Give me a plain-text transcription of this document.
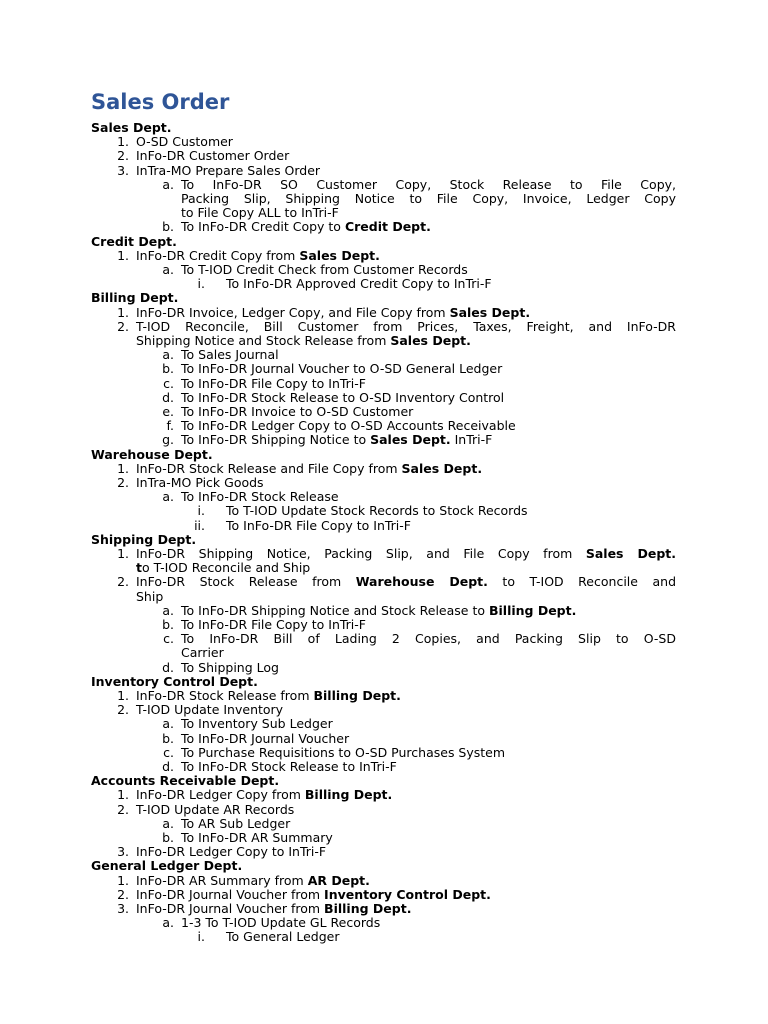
Sales Order
Sales Dept.
1. O-SD Customer
2. InFo-DR Customer Order
3. InTra-MO Prepare Sales Order
a. To InFo-DR SO Customer Copy, Stock Release to File Copy,
Packing Slip, Shipping Notice to File Copy, Invoice, Ledger Copy
to File Copy ALL to InTri-F
b. To InFo-DR Credit Copy to Credit Dept.
Credit Dept.
1. InFo-DR Credit Copy from Sales Dept.
a. To T-IOD Credit Check from Customer Records
i. To InFo-DR Approved Credit Copy to InTri-F
Billing Dept.
1. InFo-DR Invoice, Ledger Copy, and File Copy from Sales Dept.
2. T-IOD Reconcile, Bill Customer from Prices, Taxes, Freight, and InFo-DR
Shipping Notice and Stock Release from Sales Dept.
a. To Sales Journal
b. To InFo-DR Journal Voucher to O-SD General Ledger
c. To InFo-DR File Copy to InTri-F
d. To InFo-DR Stock Release to O-SD Inventory Control
e. To InFo-DR Invoice to O-SD Customer
f. To InFo-DR Ledger Copy to O-SD Accounts Receivable
g. To InFo-DR Shipping Notice to Sales Dept. InTri-F
Warehouse Dept.
1. InFo-DR Stock Release and File Copy from Sales Dept.
2. InTra-MO Pick Goods
a. To InFo-DR Stock Release
i. To T-IOD Update Stock Records to Stock Records
ii. To InFo-DR File Copy to InTri-F
Shipping Dept.
1. InFo-DR Shipping Notice, Packing Slip, and File Copy from Sales Dept.
to T-IOD Reconcile and Ship
2. InFo-DR Stock Release from Warehouse Dept. to T-IOD Reconcile and
Ship
a. To InFo-DR Shipping Notice and Stock Release to Billing Dept.
b. To InFo-DR File Copy to InTri-F
c. To InFo-DR Bill of Lading 2 Copies, and Packing Slip to O-SD
Carrier
d. To Shipping Log
Inventory Control Dept.
1. InFo-DR Stock Release from Billing Dept.
2. T-IOD Update Inventory
a. To Inventory Sub Ledger
b. To InFo-DR Journal Voucher
c. To Purchase Requisitions to O-SD Purchases System
d. To InFo-DR Stock Release to InTri-F
Accounts Receivable Dept.
1. InFo-DR Ledger Copy from Billing Dept.
2. T-IOD Update AR Records
a. To AR Sub Ledger
b. To InFo-DR AR Summary
3. InFo-DR Ledger Copy to InTri-F
General Ledger Dept.
1. InFo-DR AR Summary from AR Dept.
2. InFo-DR Journal Voucher from Inventory Control Dept.
3. InFo-DR Journal Voucher from Billing Dept.
a. 1-3 To T-IOD Update GL Records
i. To General Ledger
